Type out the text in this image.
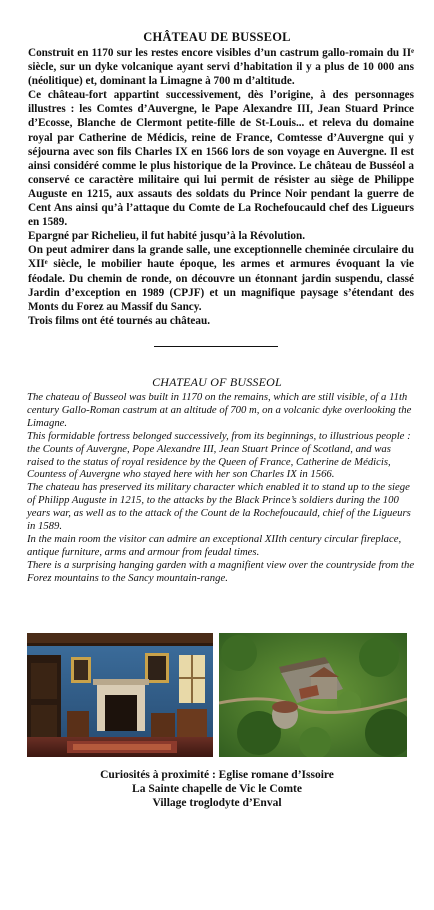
CHÂTEAU DE BUSSEOL

Construit en 1170 sur les restes encore visibles d’un castrum gallo-romain du IIᵉ siècle, sur un dyke volcanique ayant servi d’habitation il y a plus de 10 000 ans (néolitique) et, dominant la Limagne à 700 m d’altitude.

Ce château-fort appartint successivement, dès l’origine, à des personnages illustres : les Comtes d’Auvergne, le Pape Alexandre III, Jean Stuard Prince d’Ecosse, Blanche de Clermont petite-fille de St-Louis... et releva du domaine royal par Catherine de Médicis, reine de France, Comtesse d’Auvergne qui y séjourna avec son fils Charles IX en 1566 lors de son voyage en Auvergne. Il est ainsi considéré comme le plus historique de la Province. Le château de Busséol a conservé ce caractère militaire qui lui permit de résister au siège de Philippe Auguste en 1215, aux assauts des soldats du Prince Noir pendant la guerre de Cent Ans ainsi qu’à l’attaque du Comte de La Rochefoucauld chef des Ligueurs en 1589.

Epargné par Richelieu, il fut habité jusqu’à la Révolution.

On peut admirer dans la grande salle, une exceptionnelle cheminée circulaire du XIIᵉ siècle, le mobilier haute époque, les armes et armures évoquant la vie féodale. Du chemin de ronde, on découvre un étonnant jardin suspendu, classé Jardin d’exception en 1989 (CPJF) et un magnifique paysage s’étendant des Monts du Forez au Massif du Sancy.

Trois films ont été tournés au château.

CHATEAU OF BUSSEOL

The chateau of Busseol was built in 1170 on the remains, which are still visible, of a 11th century Gallo-Roman castrum at an altitude of 700 m, on a volcanic dyke overlooking the Limagne.

This formidable fortress belonged successively, from its beginnings, to illustrious people : the Counts of Auvergne, Pope Alexandre III, Jean Stuart Prince of Scotland, and was raised to the status of royal residence by the Queen of France, Catherine de Médicis, Countess of Auvergne who stayed here with her son Charles IX in 1566.

The chateau has preserved its military character which enabled it to stand up to the siege of Philipp Auguste in 1215, to the attacks by the Black Prince’s soldiers during the 100 years war, as well as to the attack of the Count de la Rochefoucauld, chief of the Ligueurs in 1589.

In the main room the visitor can admire an exceptional XIIth century circular fireplace, antique furniture, arms and armour from feudal times.

There is a surprising hanging garden with a magnifient view over the countryside from the Forez mountains to the Sancy mountain-range.

Curiosités à proximité : Eglise romane d’Issoire
La Sainte chapelle de Vic le Comte
Village troglodyte d’Enval
